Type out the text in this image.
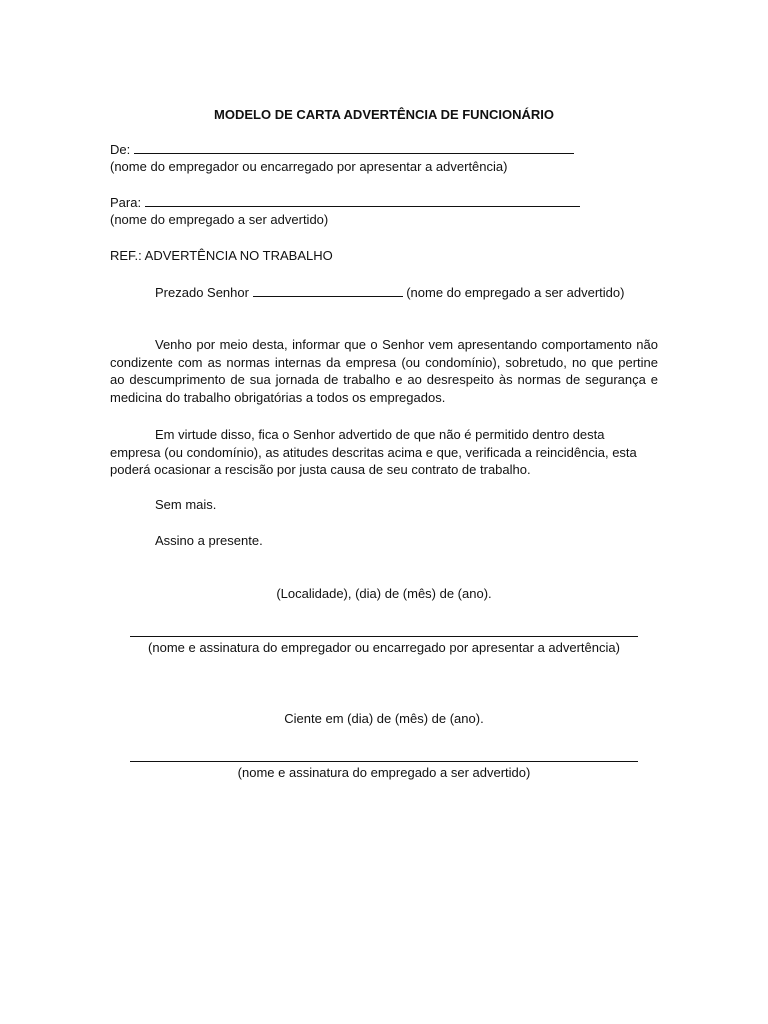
MODELO DE CARTA ADVERTÊNCIA DE FUNCIONÁRIO
De:
(nome do empregador ou encarregado por apresentar a advertência)
Para:
(nome do empregado a ser advertido)
REF.: ADVERTÊNCIA NO TRABALHO
Prezado Senhor	(nome do empregado a ser advertido)
Venho por meio desta, informar que o Senhor vem apresentando comportamento não condizente com as normas internas da empresa (ou condomínio), sobretudo, no que pertine ao descumprimento de sua jornada de trabalho e ao desrespeito às normas de segurança e medicina do trabalho obrigatórias a todos os empregados.
Em virtude disso, fica o Senhor advertido de que não é permitido dentro desta empresa (ou condomínio), as atitudes descritas acima e que, verificada a reincidência, esta poderá ocasionar a rescisão por justa causa de seu contrato de trabalho.
Sem mais.
Assino a presente.
(Localidade), (dia) de (mês) de (ano).
(nome e assinatura do empregador ou encarregado por apresentar a advertência)
Ciente em (dia) de (mês) de (ano).
(nome e assinatura do empregado a ser advertido)
